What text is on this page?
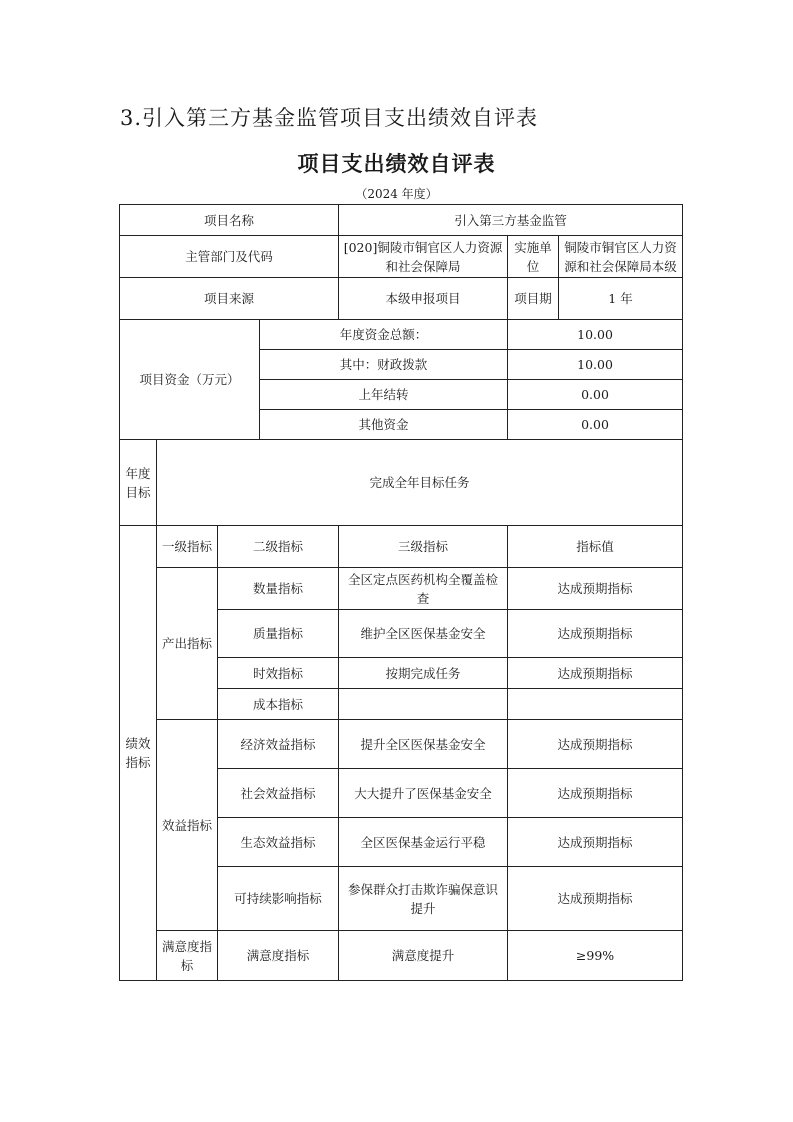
3.引入第三方基金监管项目支出绩效自评表
项目支出绩效自评表
（2024 年度）
项目名称				引入第三方基金监管		
主管部门及代码				[020]铜陵市铜官区人力资源和社会保障局	实施单位	铜陵市铜官区人力资源和社会保障局本级
项目来源				本级申报项目	项目期	1 年
项目资金（万元）			年度资金总额：		10.00	
			其中：财政拨款		10.00	
			上年结转		0.00	
			其他资金		0.00	
年度目标	完成全年目标任务					
绩效指标	一级指标	二级指标		三级指标	指标值	
	产出指标	数量指标		全区定点医药机构全覆盖检查	达成预期指标	
		质量指标		维护全区医保基金安全	达成预期指标	
		时效指标		按期完成任务	达成预期指标	
		成本指标				
	效益指标	经济效益指标		提升全区医保基金安全	达成预期指标	
		社会效益指标		大大提升了医保基金安全	达成预期指标	
		生态效益指标		全区医保基金运行平稳	达成预期指标	
		可持续影响指标		参保群众打击欺诈骗保意识提升	达成预期指标	
	满意度指标	满意度指标		满意度提升	≥99%	
